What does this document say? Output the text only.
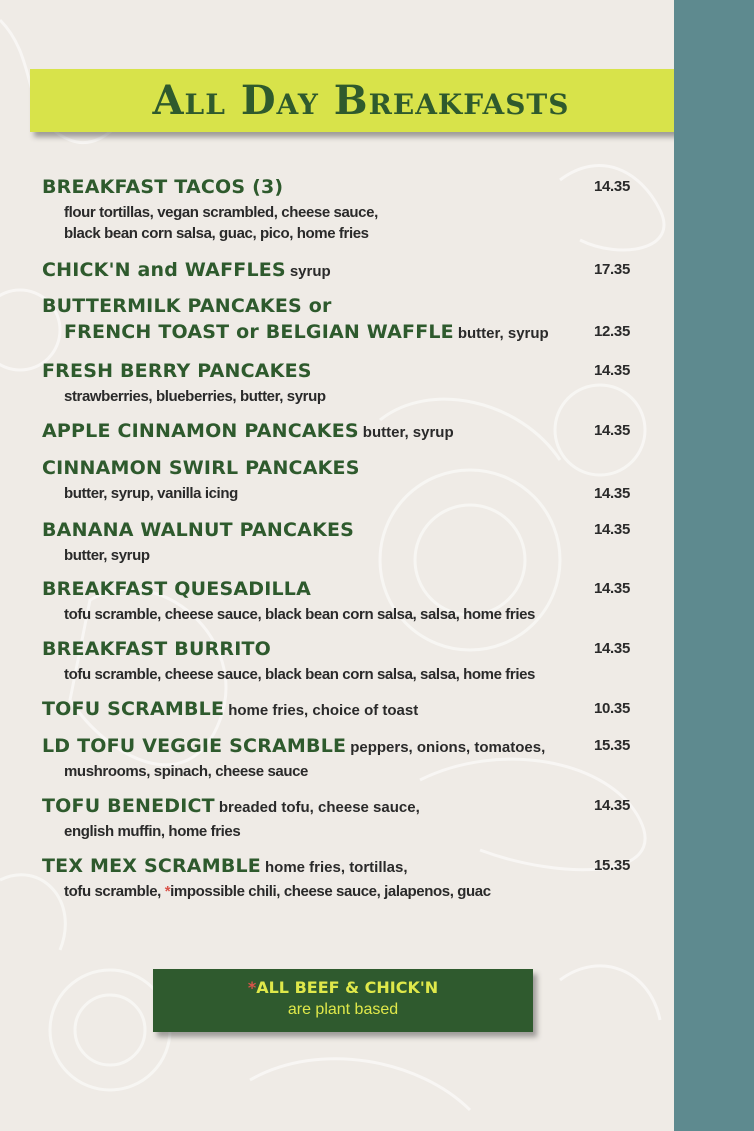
BREAKFAST TACOS (3)	14.35
flour tortillas, vegan scrambled, cheese sauce,
black bean corn salsa, guac, pico, home fries
CHICK'N and WAFFLES syrup	17.35
BUTTERMILK PANCAKES or
FRENCH TOAST or BELGIAN WAFFLE butter, syrup	12.35
FRESH BERRY PANCAKES	14.35
strawberries, blueberries, butter, syrup
APPLE CINNAMON PANCAKES butter, syrup	14.35
CINNAMON SWIRL PANCAKES
butter, syrup, vanilla icing	14.35
BANANA WALNUT PANCAKES	14.35
butter, syrup
BREAKFAST QUESADILLA	14.35
tofu scramble, cheese sauce, black bean corn salsa, salsa, home fries
BREAKFAST BURRITO	14.35
tofu scramble, cheese sauce, black bean corn salsa, salsa, home fries
TOFU SCRAMBLE home fries, choice of toast	10.35
LD TOFU VEGGIE SCRAMBLE peppers, onions, tomatoes,	15.35
mushrooms, spinach, cheese sauce
TOFU BENEDICT breaded tofu, cheese sauce,	14.35
english muffin, home fries
TEX MEX SCRAMBLE home fries, tortillas,	15.35
tofu scramble, *impossible chili, cheese sauce, jalapenos, guac
*ALL BEEF & CHICK'N
are plant based
All Day Breakfasts
